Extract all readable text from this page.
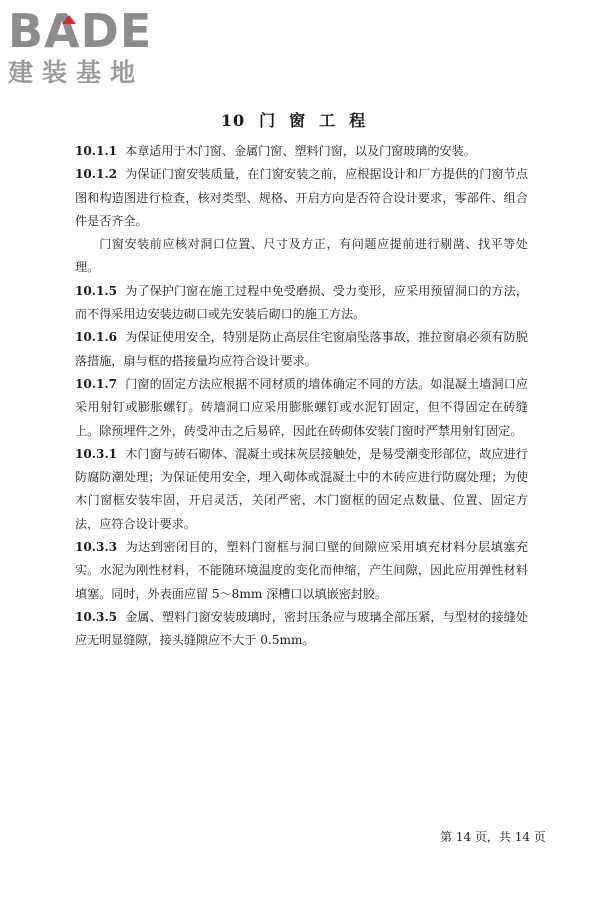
BADE
建装基地
10 门窗工程

10.1.1 本章适用于木门窗、金属门窗、塑料门窗，以及门窗玻璃的安装。

10.1.2 为保证门窗安装质量，在门窗安装之前，应根据设计和厂方提供的门窗节点图和构造图进行检查，核对类型、规格、开启方向是否符合设计要求，零部件、组合件是否齐全。

门窗安装前应核对洞口位置、尺寸及方正，有问题应提前进行剔凿、找平等处理。

10.1.5 为了保护门窗在施工过程中免受磨损、受力变形，应采用预留洞口的方法，而不得采用边安装边砌口或先安装后砌口的施工方法。

10.1.6 为保证使用安全，特别是防止高层住宅窗扇坠落事故，推拉窗扇必须有防脱落措施，扇与框的搭接量均应符合设计要求。

10.1.7 门窗的固定方法应根据不同材质的墙体确定不同的方法。如混凝土墙洞口应采用射钉或膨胀螺钉。砖墙洞口应采用膨胀螺钉或水泥钉固定，但不得固定在砖缝上。除预埋件之外，砖受冲击之后易碎，因此在砖砌体安装门窗时严禁用射钉固定。

10.3.1 木门窗与砖石砌体、混凝土或抹灰层接触处，是易受潮变形部位，故应进行防腐防潮处理；为保证使用安全，埋入砌体或混凝土中的木砖应进行防腐处理；为使木门窗框安装牢固，开启灵活，关闭严密，木门窗框的固定点数量、位置、固定方法，应符合设计要求。

10.3.3 为达到密闭目的，塑料门窗框与洞口壁的间隙应采用填充材料分层填塞充实。水泥为刚性材料，不能随环境温度的变化而伸缩，产生间隙，因此应用弹性材料填塞。同时，外表面应留 5～8mm 深槽口以填嵌密封胶。

10.3.5 金属、塑料门窗安装玻璃时，密封压条应与玻璃全部压紧，与型材的接缝处应无明显缝隙，接头缝隙应不大于 0.5mm。

第 14 页，共 14 页
